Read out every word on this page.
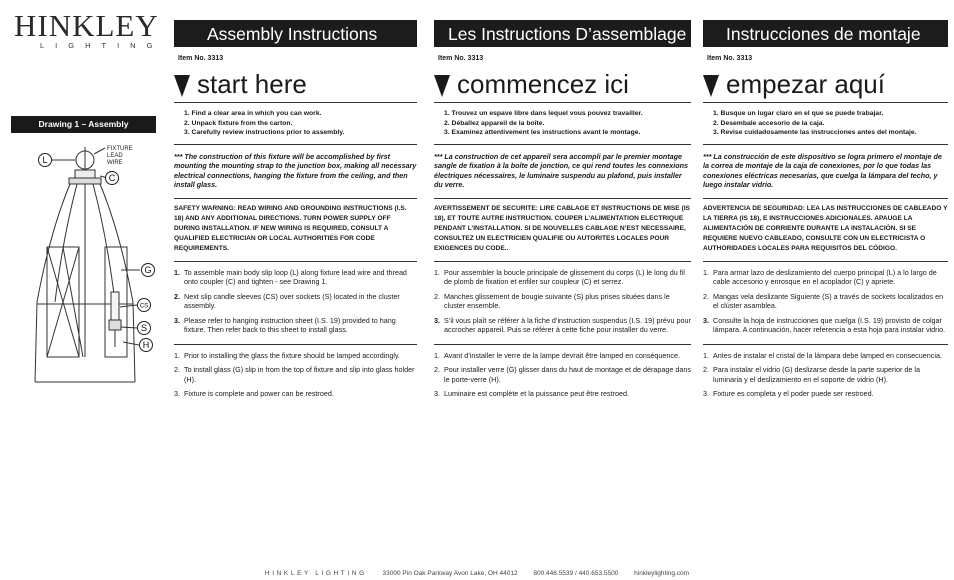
HINKLEY
LIGHTING
Drawing 1 – Assembly
FIXTURE
LEAD
WIRE
L
C
G
CS
S
H
Assembly Instructions
Item No. 3313
start here
1. Find a clear area in which you can work.
2. Unpack fixture from the carton.
3. Carefully review instructions prior to assembly.
*** The construction of this fixture will be accomplished by first mounting the mounting strap to the junction box, making all necessary electrical connections, hanging the fixture from the ceiling, and then install glass.
SAFETY WARNING: READ WIRING AND GROUNDING INSTRUCTIONS (I.S. 18) AND ANY ADDITIONAL DIRECTIONS. TURN POWER SUPPLY OFF DURING INSTALLATION. IF NEW WIRING IS REQUIRED, CONSULT A QUALIFIED ELECTRICIAN OR LOCAL AUTHORITIES FOR CODE REQUIREMENTS.
1. To assemble main body slip loop (L) along fixture lead wire and thread onto coupler (C) and tighten - see Drawing 1.
2. Next slip candle sleeves (CS) over sockets (S) located in the cluster assembly.
3. Please refer to hanging instruction sheet (I.S. 19) provided to hang fixture. Then refer back to this sheet to install glass.
1. Prior to installing the glass the fixture should be lamped accordingly.
2. To install glass (G) slip in from the top of fixture and slip into glass holder (H).
3. Fixture is complete and power can be restroed.
Les Instructions D’assemblage
Item No. 3313
commencez ici
1. Trouvez un espave libre dans lequel vous pouvez travailler.
2. Déballez appareil de la boîte.
3. Examinez attentivement les instructions avant le montage.
*** La construction de cet appareil sera accompli par le premier montage sangle de fixation à la boîte de jonction, ce qui rend toutes les connexions électriques nécessaires, le luminaire suspendu au plafond, puis installer du verre.
AVERTISSEMENT DE SECURITE: LIRE CABLAGE ET INSTRUCTIONS DE MISE (IS 18), ET TOUTE AUTRE INSTRUCTION. COUPER L’ALIMENTATION ELECTRIQUE PENDANT L’INSTALLATION. SI DE NOUVELLES CABLAGE N’EST NECESSAIRE, CONSULTEZ UN ELECTRICIEN QUALIFIE OU AUTORITES LOCALES POUR EXIGENCES DU CODE..
1. Pour assembler la boucle principale de glissement du corps (L) le long du fil de plomb de fixation et enfiler sur coupleur (C) et serrez.
2. Manches glissement de bougie suivante (S) plus prises situées dans le cluster ensemble.
3. S’il vous plaît se référer à la fiche d’instruction suspendus (I.S. 19) prévu pour accrocher appareil. Puis se référer à cette fiche pour installer du verre.
1. Avant d’installer le verre de la lampe devrait être lamped en conséquence.
2. Pour installer verre (G) glisser dans du haut de montage et de dérapage dans le porte-verre (H).
3. Luminaire est complète et la puissance peut être restroed.
Instrucciones de montaje
Item No. 3313
empezar aquí
1. Busque un lugar claro en el que se puede trabajar.
2. Desembale accesorio de la caja.
3. Revise cuidadosamente las instrucciones antes del montaje.
*** La construcción de este dispositivo se logra primero el montaje de la correa de montaje de la caja de conexiones, por lo que todas las conexiones eléctricas necesarias, que cuelga la lámpara del techo, y luego instalar vidrio.
ADVERTENCIA DE SEGURIDAD: LEA LAS INSTRUCCIONES DE CABLEADO Y LA TIERRA (IS 18), E INSTRUCCIONES ADICIONALES. APAUGE LA ALIMENTACIÓN DE CORRIENTE DURANTE LA INSTALACIÓN. SI SE REQUIERE NUEVO CABLEADO, CONSULTE CON UN ELECTRICISTA O AUTHORIDADES LOCALES PARA REQUISITOS DEL CÓDIGO.
1. Para armar lazo de deslizamiento del cuerpo principal (L) a lo largo de cable accesorio y enrosque en el acoplador (C) y apriete.
2. Mangas vela deslizante Siguiente (S) a través de sockets localizados en el clúster asamblea.
3. Consulte la hoja de instrucciones que cuelga (I.S. 19) provisto de colgar lámpara. A continuación, hacer referencia a esta hoja para instalar vidrio.
1. Antes de instalar el cristal de la lámpara debe lamped en consecuencia.
2. Para instalar el vidrio (G) deslizarse desde la parte superior de la luminaria y el deslizamiento en el soporte de vidrio (H).
3. Fixture es completa y el poder puede ser restroed.
HINKLEY LIGHTING 33000 Pin Oak Parkway Avon Lake, OH 44012 800.446.5539 / 440.653.5500 hinkleylighting.com
